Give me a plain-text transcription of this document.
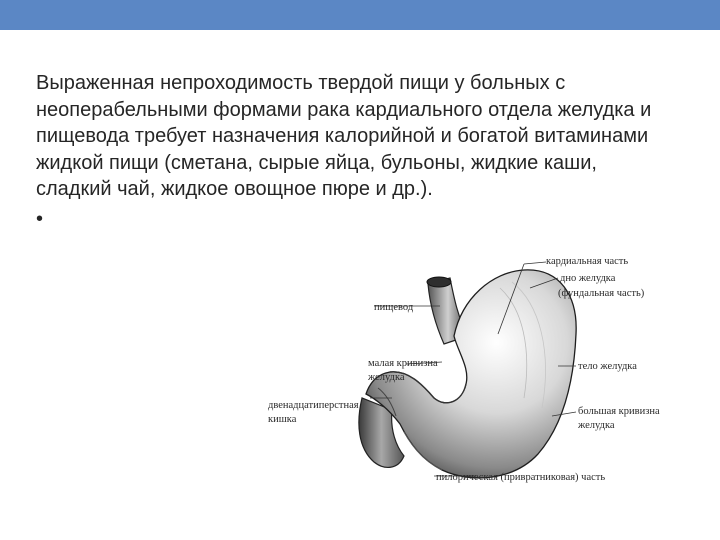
Выраженная непроходимость твердой пищи у больных с неоперабельными формами рака кардиального отдела желудка и пищевода требует назначения калорийной и богатой витаминами жидкой пищи (сметана, сырые яйца, бульоны, жидкие каши, сладкий чай, жидкое овощное пюре и др.).

•
кардиальная часть
дно желудка
(фундальная часть)
пищевод
малая кривизна
желудка
тело желудка
двенадцатиперстная
кишка
большая кривизна
желудка
пилорическая (привратниковая) часть
